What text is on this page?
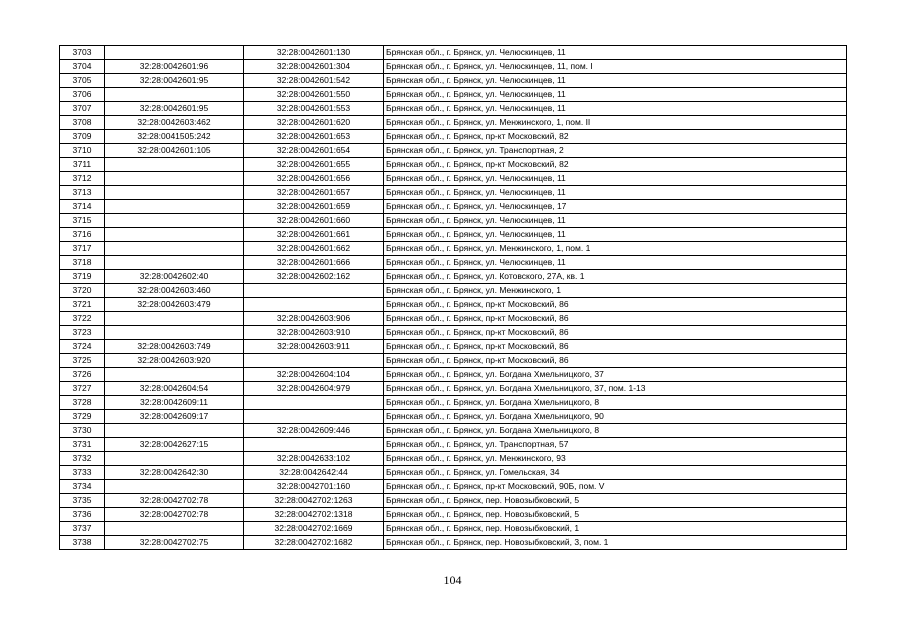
3703		32:28:0042601:130	Брянская обл., г. Брянск, ул. Челюскинцев, 11
3704	32:28:0042601:96	32:28:0042601:304	Брянская обл., г. Брянск, ул. Челюскинцев, 11, пом. I
3705	32:28:0042601:95	32:28:0042601:542	Брянская обл., г. Брянск, ул. Челюскинцев, 11
3706		32:28:0042601:550	Брянская обл., г. Брянск, ул. Челюскинцев, 11
3707	32:28:0042601:95	32:28:0042601:553	Брянская обл., г. Брянск, ул. Челюскинцев, 11
3708	32:28:0042603:462	32:28:0042601:620	Брянская обл., г. Брянск, ул. Менжинского, 1, пом. II
3709	32:28:0041505:242	32:28:0042601:653	Брянская обл., г. Брянск, пр-кт Московский, 82
3710	32:28:0042601:105	32:28:0042601:654	Брянская обл., г. Брянск, ул. Транспортная, 2
3711		32:28:0042601:655	Брянская обл., г. Брянск, пр-кт Московский, 82
3712		32:28:0042601:656	Брянская обл., г. Брянск, ул. Челюскинцев, 11
3713		32:28:0042601:657	Брянская обл., г. Брянск, ул. Челюскинцев, 11
3714		32:28:0042601:659	Брянская обл., г. Брянск, ул. Челюскинцев, 17
3715		32:28:0042601:660	Брянская обл., г. Брянск, ул. Челюскинцев, 11
3716		32:28:0042601:661	Брянская обл., г. Брянск, ул. Челюскинцев, 11
3717		32:28:0042601:662	Брянская обл., г. Брянск, ул. Менжинского, 1, пом. 1
3718		32:28:0042601:666	Брянская обл., г. Брянск, ул. Челюскинцев, 11
3719	32:28:0042602:40	32:28:0042602:162	Брянская обл., г. Брянск, ул. Котовского, 27А, кв. 1
3720	32:28:0042603:460		Брянская обл., г. Брянск, ул. Менжинского, 1
3721	32:28:0042603:479		Брянская обл., г. Брянск, пр-кт Московский, 86
3722		32:28:0042603:906	Брянская обл., г. Брянск, пр-кт Московский, 86
3723		32:28:0042603:910	Брянская обл., г. Брянск, пр-кт Московский, 86
3724	32:28:0042603:749	32:28:0042603:911	Брянская обл., г. Брянск, пр-кт Московский, 86
3725	32:28:0042603:920		Брянская обл., г. Брянск, пр-кт Московский, 86
3726		32:28:0042604:104	Брянская обл., г. Брянск, ул. Богдана Хмельницкого, 37
3727	32:28:0042604:54	32:28:0042604:979	Брянская обл., г. Брянск, ул. Богдана Хмельницкого, 37, пом. 1-13
3728	32:28:0042609:11		Брянская обл., г. Брянск, ул. Богдана Хмельницкого, 8
3729	32:28:0042609:17		Брянская обл., г. Брянск, ул. Богдана Хмельницкого, 90
3730		32:28:0042609:446	Брянская обл., г. Брянск, ул. Богдана Хмельницкого, 8
3731	32:28:0042627:15		Брянская обл., г. Брянск, ул. Транспортная, 57
3732		32:28:0042633:102	Брянская обл., г. Брянск, ул. Менжинского, 93
3733	32:28:0042642:30	32:28:0042642:44	Брянская обл., г. Брянск, ул. Гомельская, 34
3734		32:28:0042701:160	Брянская обл., г. Брянск, пр-кт Московский, 90Б, пом. V
3735	32:28:0042702:78	32:28:0042702:1263	Брянская обл., г. Брянск, пер. Новозыбковский, 5
3736	32:28:0042702:78	32:28:0042702:1318	Брянская обл., г. Брянск, пер. Новозыбковский, 5
3737		32:28:0042702:1669	Брянская обл., г. Брянск, пер. Новозыбковский, 1
3738	32:28:0042702:75	32:28:0042702:1682	Брянская обл., г. Брянск, пер. Новозыбковский, 3, пом. 1
104
